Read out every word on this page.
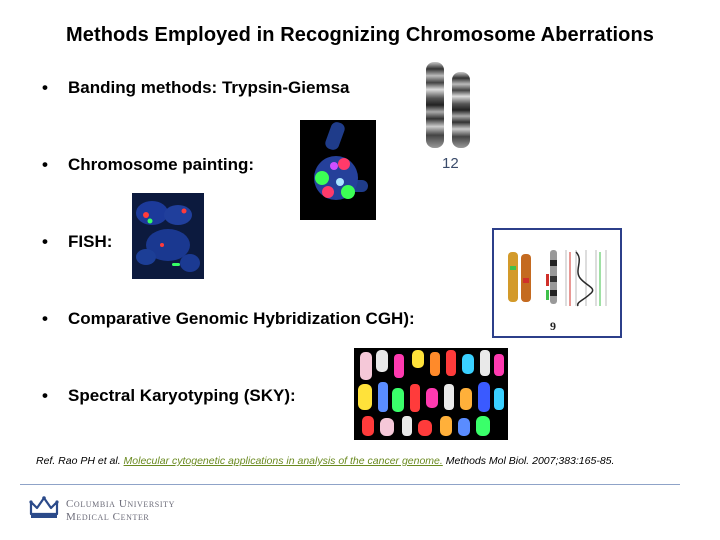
Methods Employed in Recognizing Chromosome Aberrations
• Banding methods: Trypsin-Giemsa
• Chromosome painting:
• FISH:
• Comparative Genomic Hybridization CGH):
• Spectral Karyotyping (SKY):
12
9
Ref. Rao PH et al. Molecular cytogenetic applications in analysis of the cancer genome. Methods Mol Biol. 2007;383:165-85.
Columbia University
Medical Center
